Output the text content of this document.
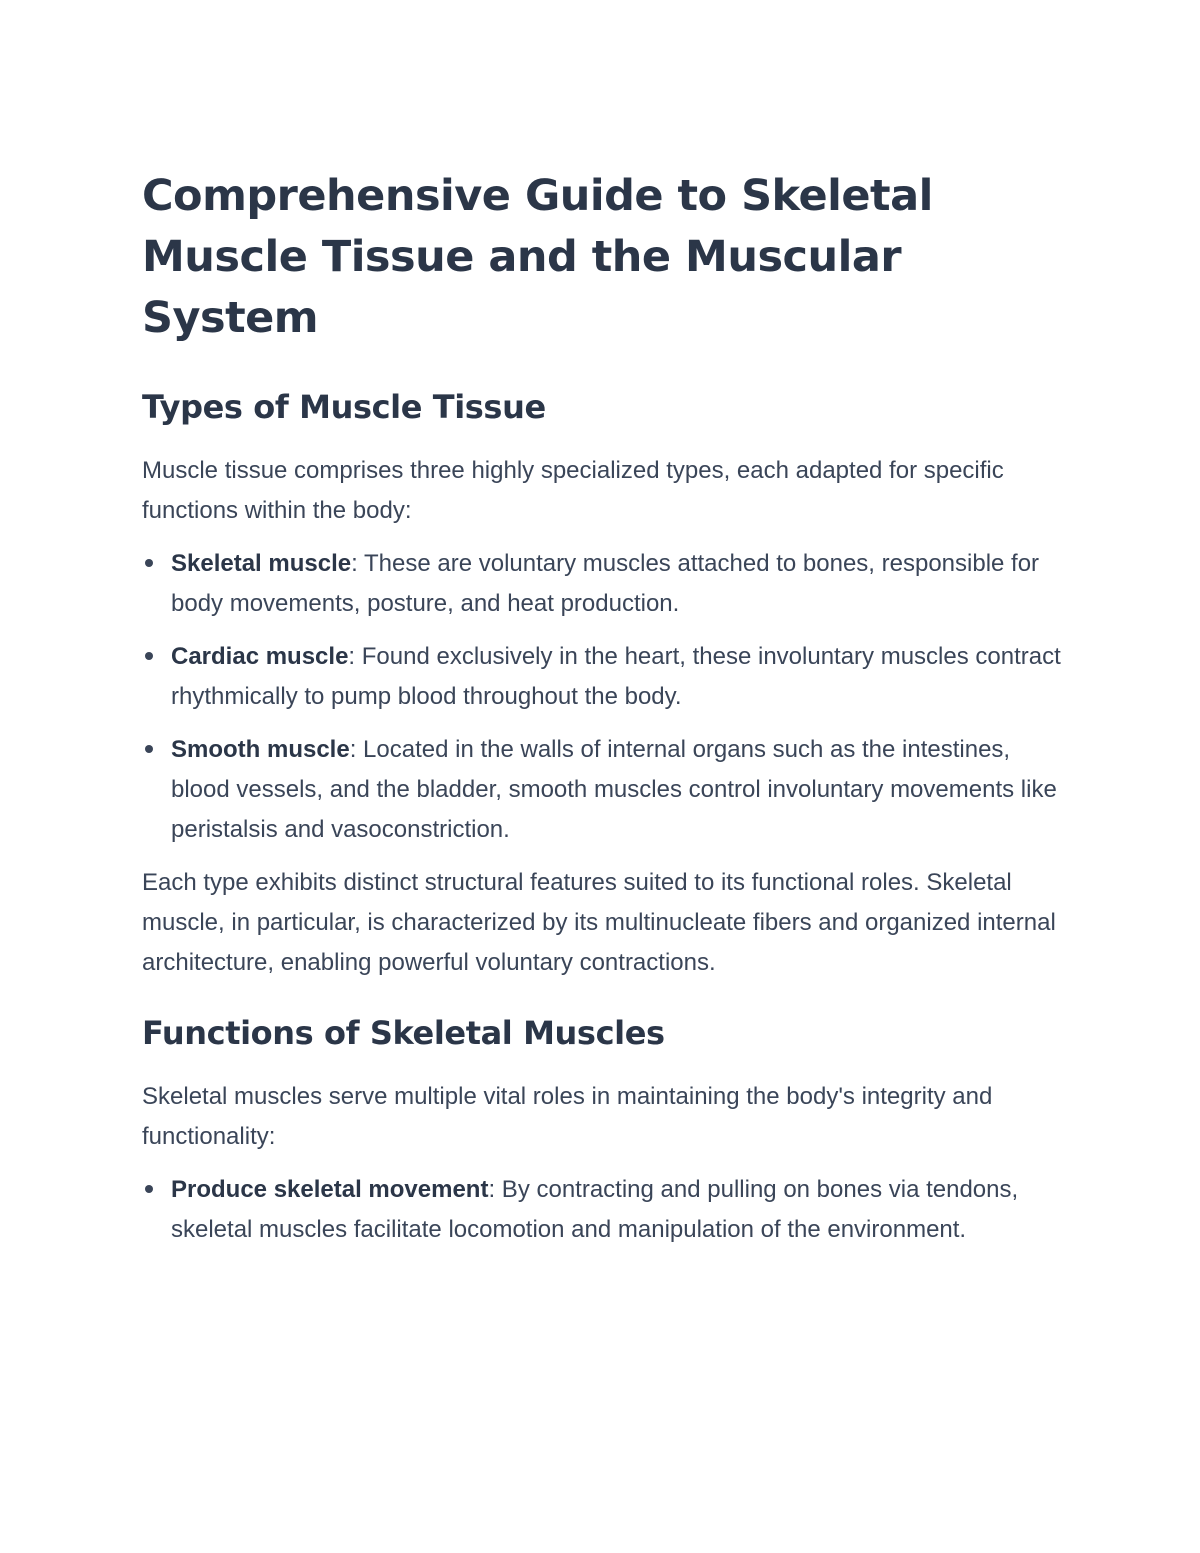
Comprehensive Guide to Skeletal Muscle Tissue and the Muscular System
Types of Muscle Tissue

Muscle tissue comprises three highly specialized types, each adapted for specific functions within the body:

Skeletal muscle: These are voluntary muscles attached to bones, responsible for body movements, posture, and heat production.
Cardiac muscle: Found exclusively in the heart, these involuntary muscles contract rhythmically to pump blood throughout the body.
Smooth muscle: Located in the walls of internal organs such as the intestines, blood vessels, and the bladder, smooth muscles control involuntary movements like peristalsis and vasoconstriction.

Each type exhibits distinct structural features suited to its functional roles. Skeletal muscle, in particular, is characterized by its multinucleate fibers and organized internal architecture, enabling powerful voluntary contractions.

Functions of Skeletal Muscles

Skeletal muscles serve multiple vital roles in maintaining the body's integrity and functionality:

Produce skeletal movement: By contracting and pulling on bones via tendons, skeletal muscles facilitate locomotion and manipulation of the environment.
